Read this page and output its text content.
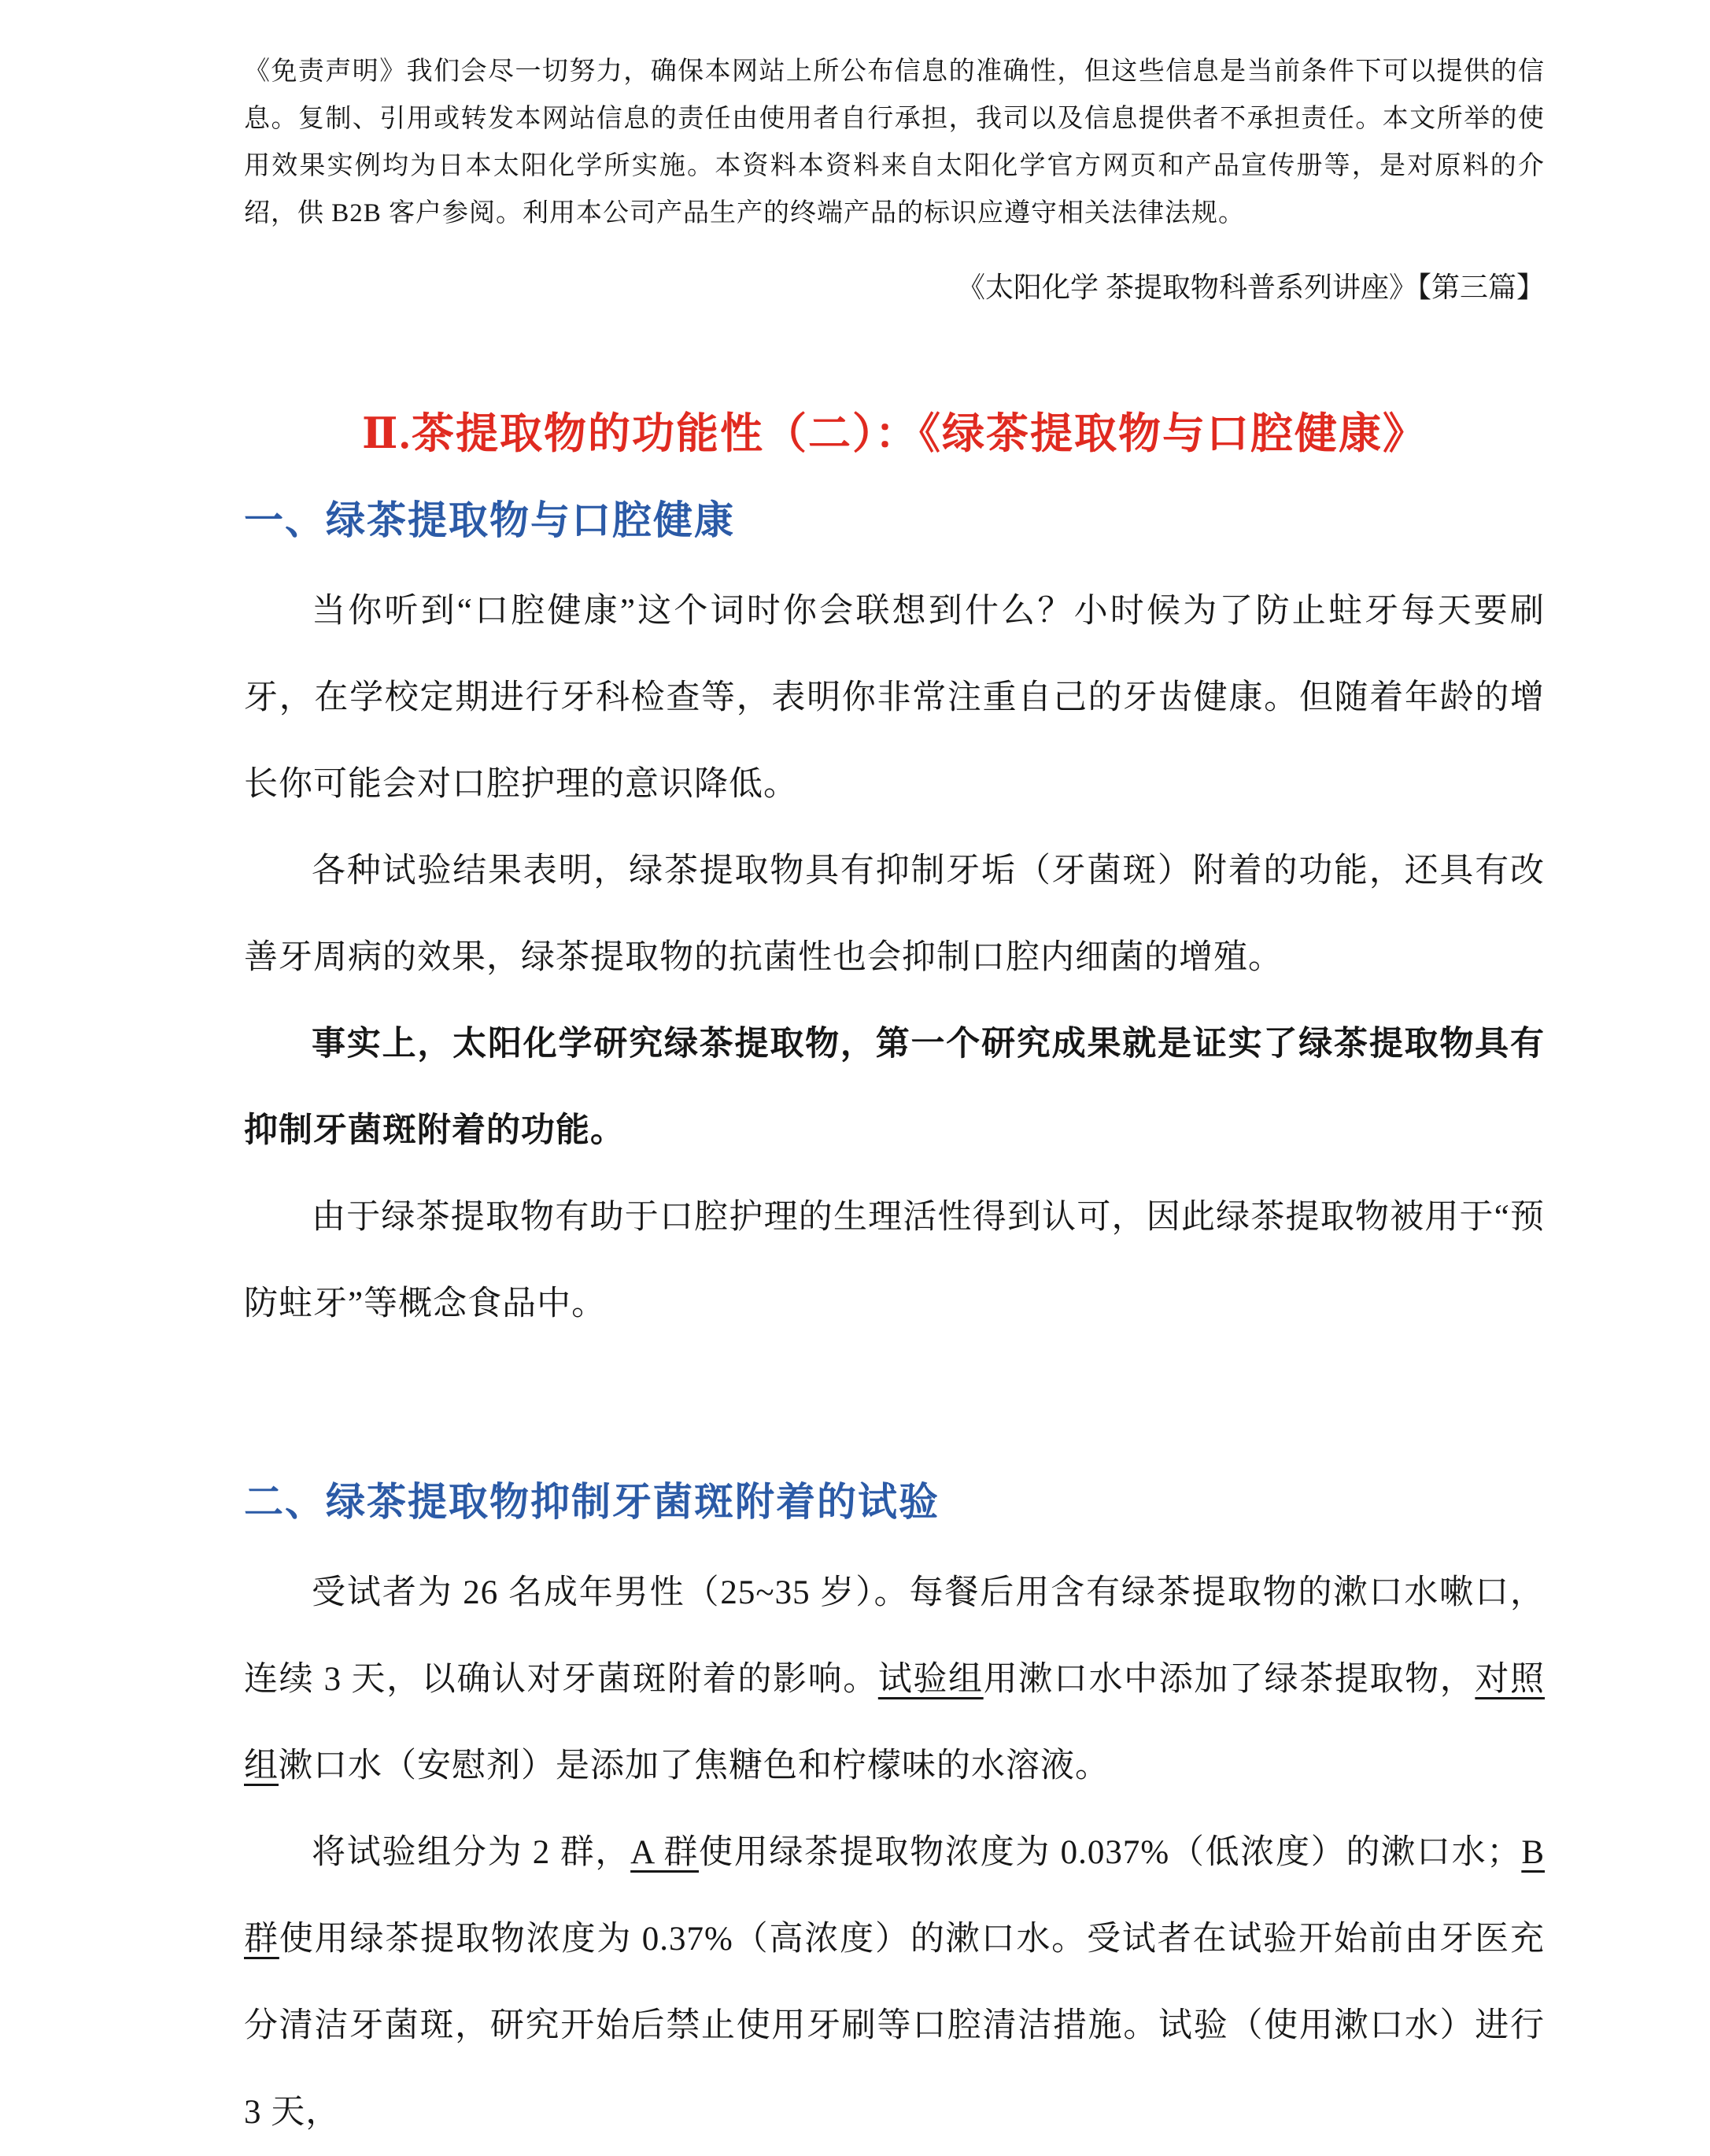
《免责声明》我们会尽一切努力，确保本网站上所公布信息的准确性，但这些信息是当前条件下可以提供的信息。复制、引用或转发本网站信息的责任由使用者自行承担，我司以及信息提供者不承担责任。本文所举的使用效果实例均为日本太阳化学所实施。本资料本资料来自太阳化学官方网页和产品宣传册等，是对原料的介绍，供 B2B 客户参阅。利用本公司产品生产的终端产品的标识应遵守相关法律法规。

《太阳化学 茶提取物科普系列讲座》【第三篇】

Ⅱ.茶提取物的功能性（二）：《绿茶提取物与口腔健康》
一、绿茶提取物与口腔健康

当你听到“口腔健康”这个词时你会联想到什么？小时候为了防止蛀牙每天要刷牙，在学校定期进行牙科检查等，表明你非常注重自己的牙齿健康。但随着年龄的增长你可能会对口腔护理的意识降低。

各种试验结果表明，绿茶提取物具有抑制牙垢（牙菌斑）附着的功能，还具有改善牙周病的效果，绿茶提取物的抗菌性也会抑制口腔内细菌的增殖。

事实上，太阳化学研究绿茶提取物，第一个研究成果就是证实了绿茶提取物具有抑制牙菌斑附着的功能。

由于绿茶提取物有助于口腔护理的生理活性得到认可，因此绿茶提取物被用于“预防蛀牙”等概念食品中。

二、绿茶提取物抑制牙菌斑附着的试验

受试者为 26 名成年男性（25~35 岁）。每餐后用含有绿茶提取物的漱口水嗽口，连续 3 天，以确认对牙菌斑附着的影响。试验组用漱口水中添加了绿茶提取物，对照组漱口水（安慰剂）是添加了焦糖色和柠檬味的水溶液。

将试验组分为 2 群，A 群使用绿茶提取物浓度为 0.037%（低浓度）的漱口水；B 群使用绿茶提取物浓度为 0.37%（高浓度）的漱口水。受试者在试验开始前由牙医充分清洁牙菌斑，研究开始后禁止使用牙刷等口腔清洁措施。试验（使用漱口水）进行 3 天，
